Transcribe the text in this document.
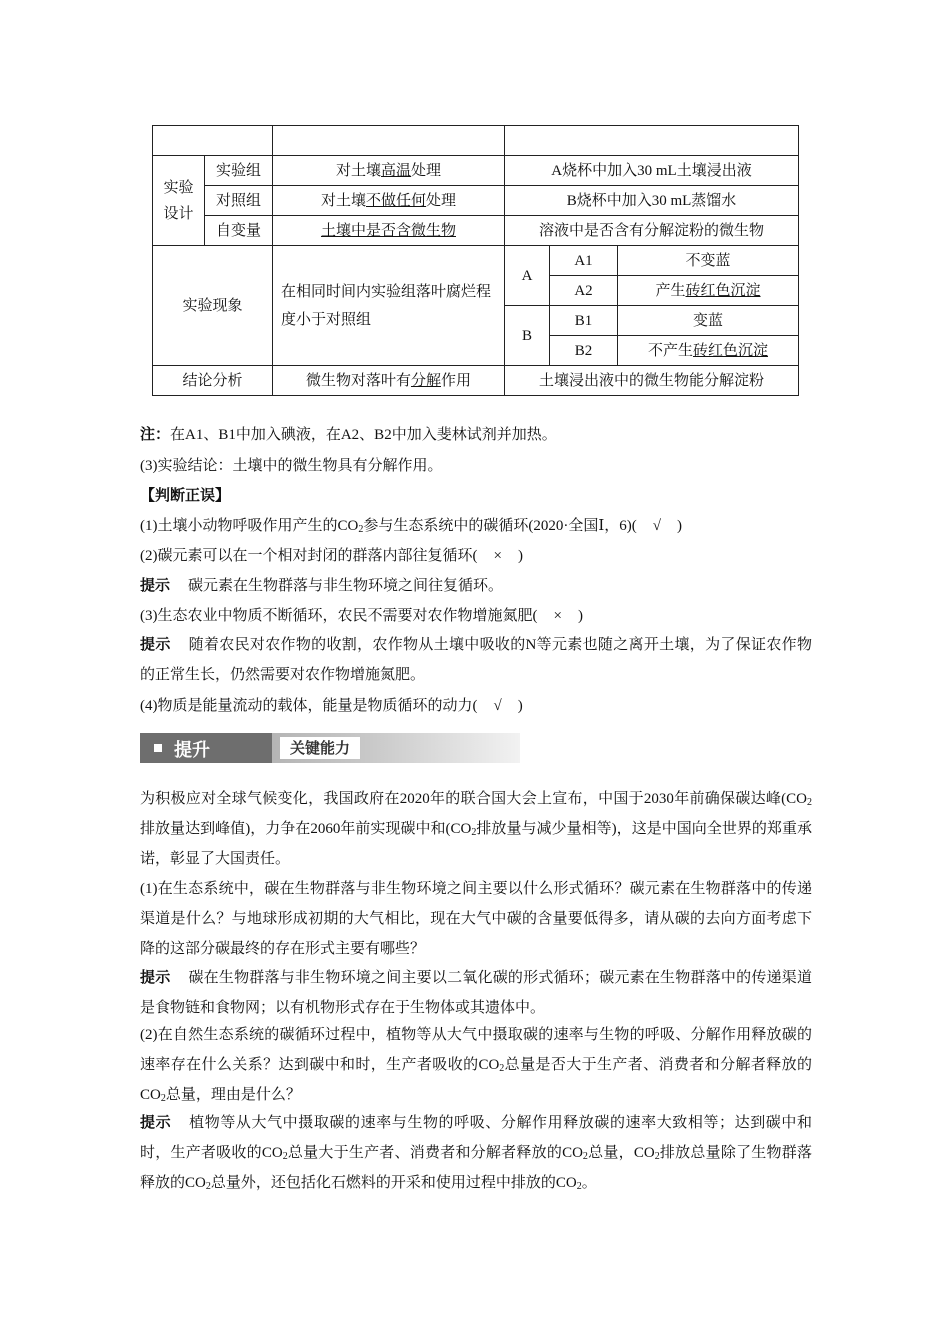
实验设计	实验组	对土壤高温处理	A烧杯中加入30 mL土壤浸出液		
	对照组	对土壤不做任何处理	B烧杯中加入30 mL蒸馏水		
	自变量	土壤中是否含微生物	溶液中是否含有分解淀粉的微生物		
实验现象		在相同时间内实验组落叶腐烂程度小于对照组	A	A1	不变蓝
				A2	产生砖红色沉淀
			B	B1	变蓝
				B2	不产生砖红色沉淀
结论分析		微生物对落叶有分解作用	土壤浸出液中的微生物能分解淀粉		
注：在A1、B1中加入碘液，在A2、B2中加入斐林试剂并加热。
(3)实验结论：土壤中的微生物具有分解作用。
【判断正误】
(1)土壤小动物呼吸作用产生的$CO_2$参与生态系统中的碳循环(2020·全国Ⅰ，6)( √ )
(2)碳元素可以在一个相对封闭的群落内部往复循环( × )
提示 碳元素在生物群落与非生物环境之间往复循环。
(3)生态农业中物质不断循环，农民不需要对农作物增施氮肥( × )
提示 随着农民对农作物的收割，农作物从土壤中吸收的N等元素也随之离开土壤，为了保证农作物的正常生长，仍然需要对农作物增施氮肥。
(4)物质是能量流动的载体，能量是物质循环的动力( √ )
提升	关键能力
为积极应对全球气候变化，我国政府在2020年的联合国大会上宣布，中国于2030年前确保碳达峰($CO_2$排放量达到峰值)，力争在2060年前实现碳中和($CO_2$排放量与减少量相等)，这是中国向全世界的郑重承诺，彰显了大国责任。
(1)在生态系统中，碳在生物群落与非生物环境之间主要以什么形式循环？碳元素在生物群落中的传递渠道是什么？与地球形成初期的大气相比，现在大气中碳的含量要低得多，请从碳的去向方面考虑下降的这部分碳最终的存在形式主要有哪些？
提示 碳在生物群落与非生物环境之间主要以二氧化碳的形式循环；碳元素在生物群落中的传递渠道是食物链和食物网；以有机物形式存在于生物体或其遗体中。
(2)在自然生态系统的碳循环过程中，植物等从大气中摄取碳的速率与生物的呼吸、分解作用释放碳的速率存在什么关系？达到碳中和时，生产者吸收的$CO_2$总量是否大于生产者、消费者和分解者释放的$CO_2$总量，理由是什么？
提示 植物等从大气中摄取碳的速率与生物的呼吸、分解作用释放碳的速率大致相等；达到碳中和时，生产者吸收的$CO_2$总量大于生产者、消费者和分解者释放的$CO_2$总量，$CO_2$排放总量除了生物群落释放的$CO_2$总量外，还包括化石燃料的开采和使用过程中排放的$CO_2$。
